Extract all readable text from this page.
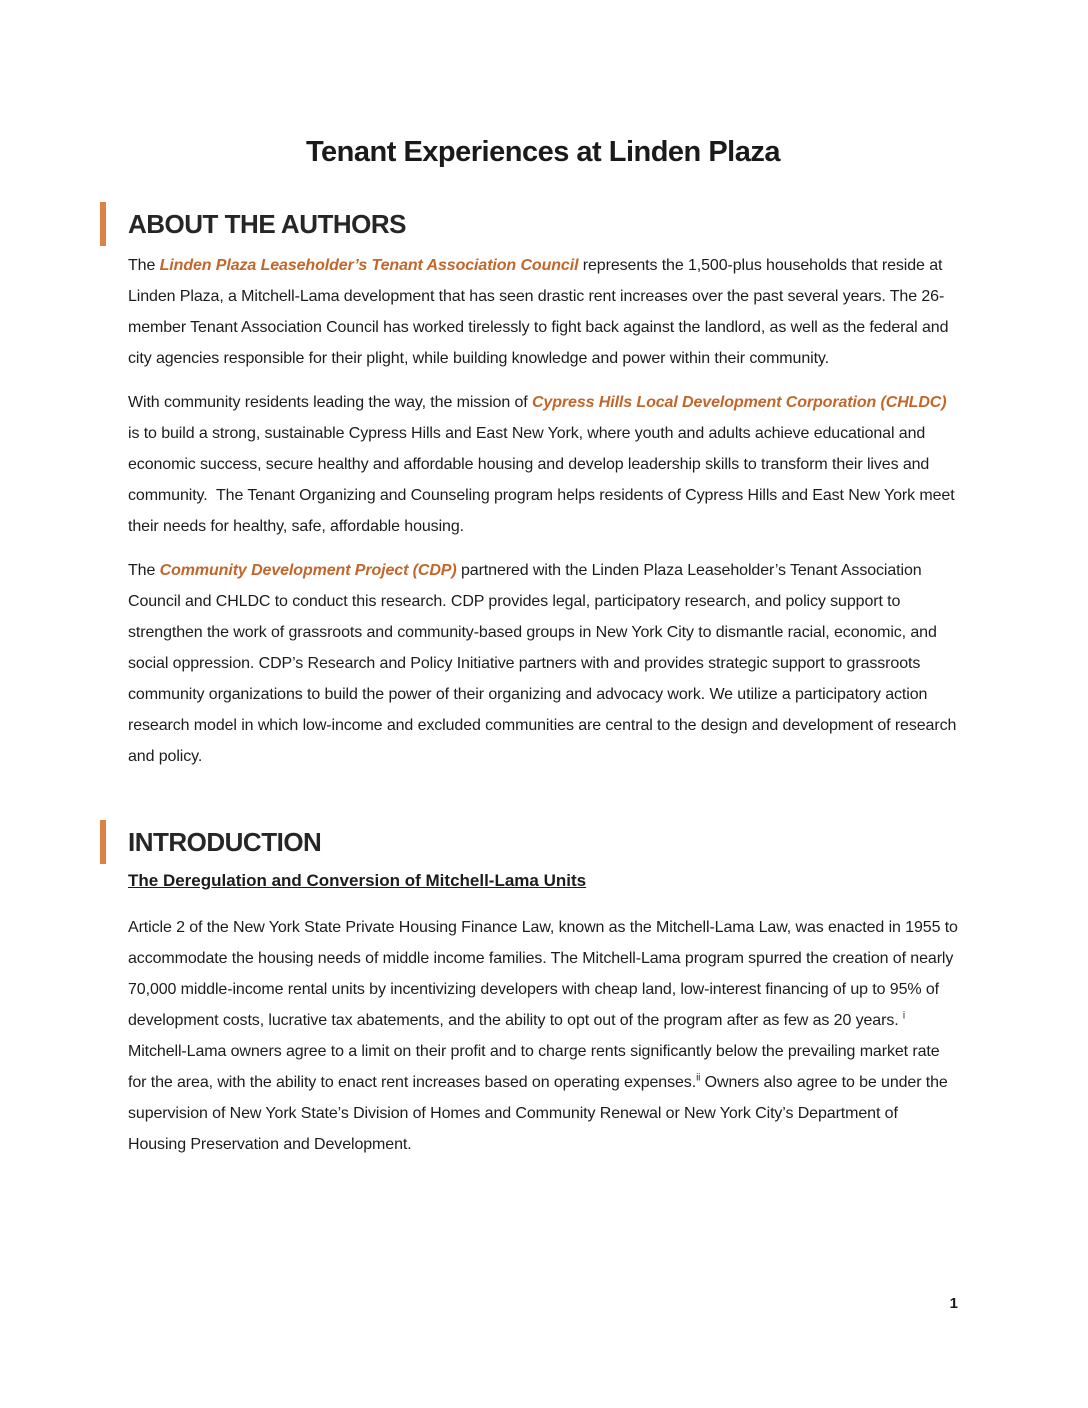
Tenant Experiences at Linden Plaza
ABOUT THE AUTHORS

The Linden Plaza Leaseholder’s Tenant Association Council represents the 1,500-plus households that reside at Linden Plaza, a Mitchell-Lama development that has seen drastic rent increases over the past several years. The 26-member Tenant Association Council has worked tirelessly to fight back against the landlord, as well as the federal and city agencies responsible for their plight, while building knowledge and power within their community.

With community residents leading the way, the mission of Cypress Hills Local Development Corporation (CHLDC) is to build a strong, sustainable Cypress Hills and East New York, where youth and adults achieve educational and economic success, secure healthy and affordable housing and develop leadership skills to transform their lives and community.  The Tenant Organizing and Counseling program helps residents of Cypress Hills and East New York meet their needs for healthy, safe, affordable housing.

The Community Development Project (CDP) partnered with the Linden Plaza Leaseholder’s Tenant Association Council and CHLDC to conduct this research. CDP provides legal, participatory research, and policy support to strengthen the work of grassroots and community-based groups in New York City to dismantle racial, economic, and social oppression. CDP’s Research and Policy Initiative partners with and provides strategic support to grassroots community organizations to build the power of their organizing and advocacy work. We utilize a participatory action research model in which low-income and excluded communities are central to the design and development of research and policy.

INTRODUCTION
The Deregulation and Conversion of Mitchell-Lama Units

Article 2 of the New York State Private Housing Finance Law, known as the Mitchell-Lama Law, was enacted in 1955 to accommodate the housing needs of middle income families. The Mitchell-Lama program spurred the creation of nearly 70,000 middle-income rental units by incentivizing developers with cheap land, low-interest financing of up to 95% of development costs, lucrative tax abatements, and the ability to opt out of the program after as few as 20 years. $^i$  Mitchell-Lama owners agree to a limit on their profit and to charge rents significantly below the prevailing market rate for the area, with the ability to enact rent increases based on operating expenses.$^{ii}$ Owners also agree to be under the supervision of New York State’s Division of Homes and Community Renewal or New York City’s Department of Housing Preservation and Development.

1
